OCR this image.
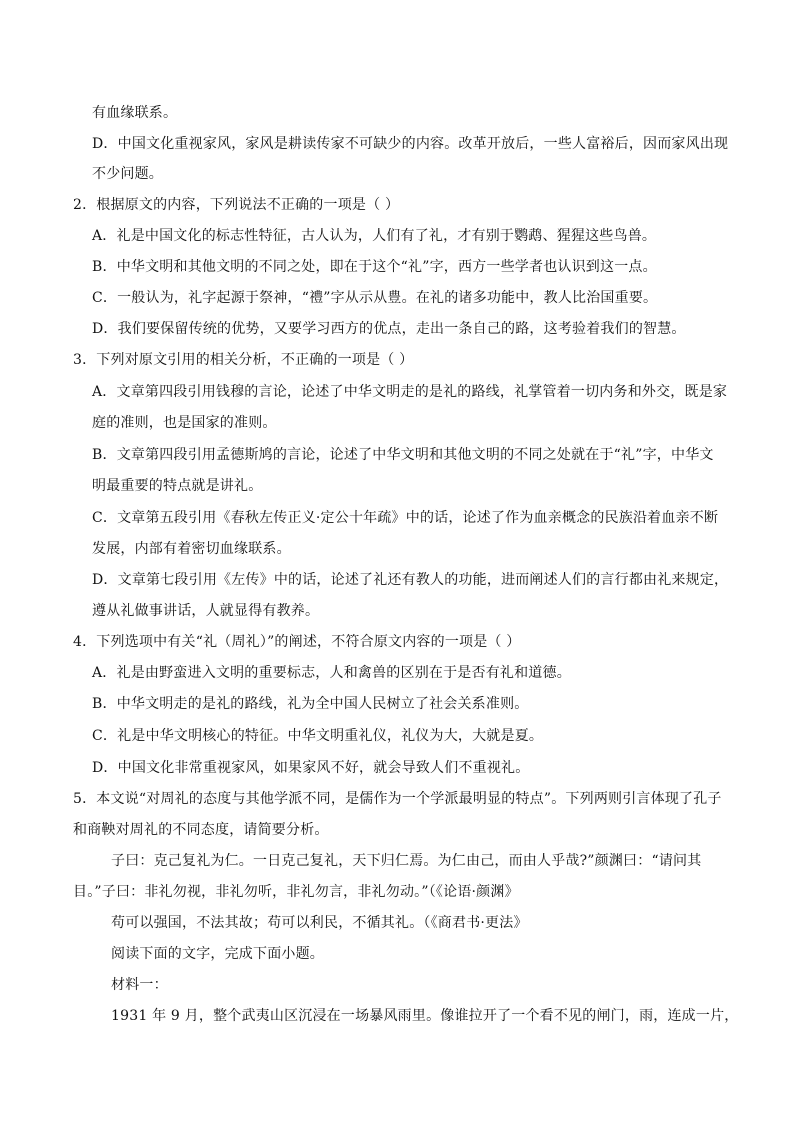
有血缘联系。
D．中国文化重视家风，家风是耕读传家不可缺少的内容。改革开放后，一些人富裕后，因而家风出现
不少问题。
2．根据原文的内容，下列说法不正确的一项是（ ）
A．礼是中国文化的标志性特征，古人认为，人们有了礼，才有别于鹦鹉、猩猩这些鸟兽。
B．中华文明和其他文明的不同之处，即在于这个“礼”字，西方一些学者也认识到这一点。
C．一般认为，礼字起源于祭神，“禮”字从示从豊。在礼的诸多功能中，教人比治国重要。
D．我们要保留传统的优势，又要学习西方的优点，走出一条自己的路，这考验着我们的智慧。
3．下列对原文引用的相关分析，不正确的一项是（ ）
A．文章第四段引用钱穆的言论，论述了中华文明走的是礼的路线，礼掌管着一切内务和外交，既是家
庭的准则，也是国家的准则。
B．文章第四段引用孟德斯鸠的言论，论述了中华文明和其他文明的不同之处就在于“礼”字，中华文
明最重要的特点就是讲礼。
C．文章第五段引用《春秋左传正义·定公十年疏》中的话，论述了作为血亲概念的民族沿着血亲不断
发展，内部有着密切血缘联系。
D．文章第七段引用《左传》中的话，论述了礼还有教人的功能，进而阐述人们的言行都由礼来规定，
遵从礼做事讲话，人就显得有教养。
4．下列选项中有关“礼（周礼）”的阐述，不符合原文内容的一项是（ ）
A．礼是由野蛮进入文明的重要标志，人和禽兽的区别在于是否有礼和道德。
B．中华文明走的是礼的路线，礼为全中国人民树立了社会关系准则。
C．礼是中华文明核心的特征。中华文明重礼仪，礼仪为大，大就是夏。
D．中国文化非常重视家风，如果家风不好，就会导致人们不重视礼。
5．本文说“对周礼的态度与其他学派不同，是儒作为一个学派最明显的特点”。下列两则引言体现了孔子
和商鞅对周礼的不同态度，请简要分析。
子曰：克己复礼为仁。一日克己复礼，天下归仁焉。为仁由己，而由人乎哉?”颜渊曰：“请问其
目。”子曰：非礼勿视，非礼勿听，非礼勿言，非礼勿动。”（《论语·颜渊》
苟可以强国，不法其故；苟可以利民，不循其礼。（《商君书·更法》
阅读下面的文字，完成下面小题。
材料一：
1931 年 9 月，整个武夷山区沉浸在一场暴风雨里。像谁拉开了一个看不见的闸门，雨，连成一片，
